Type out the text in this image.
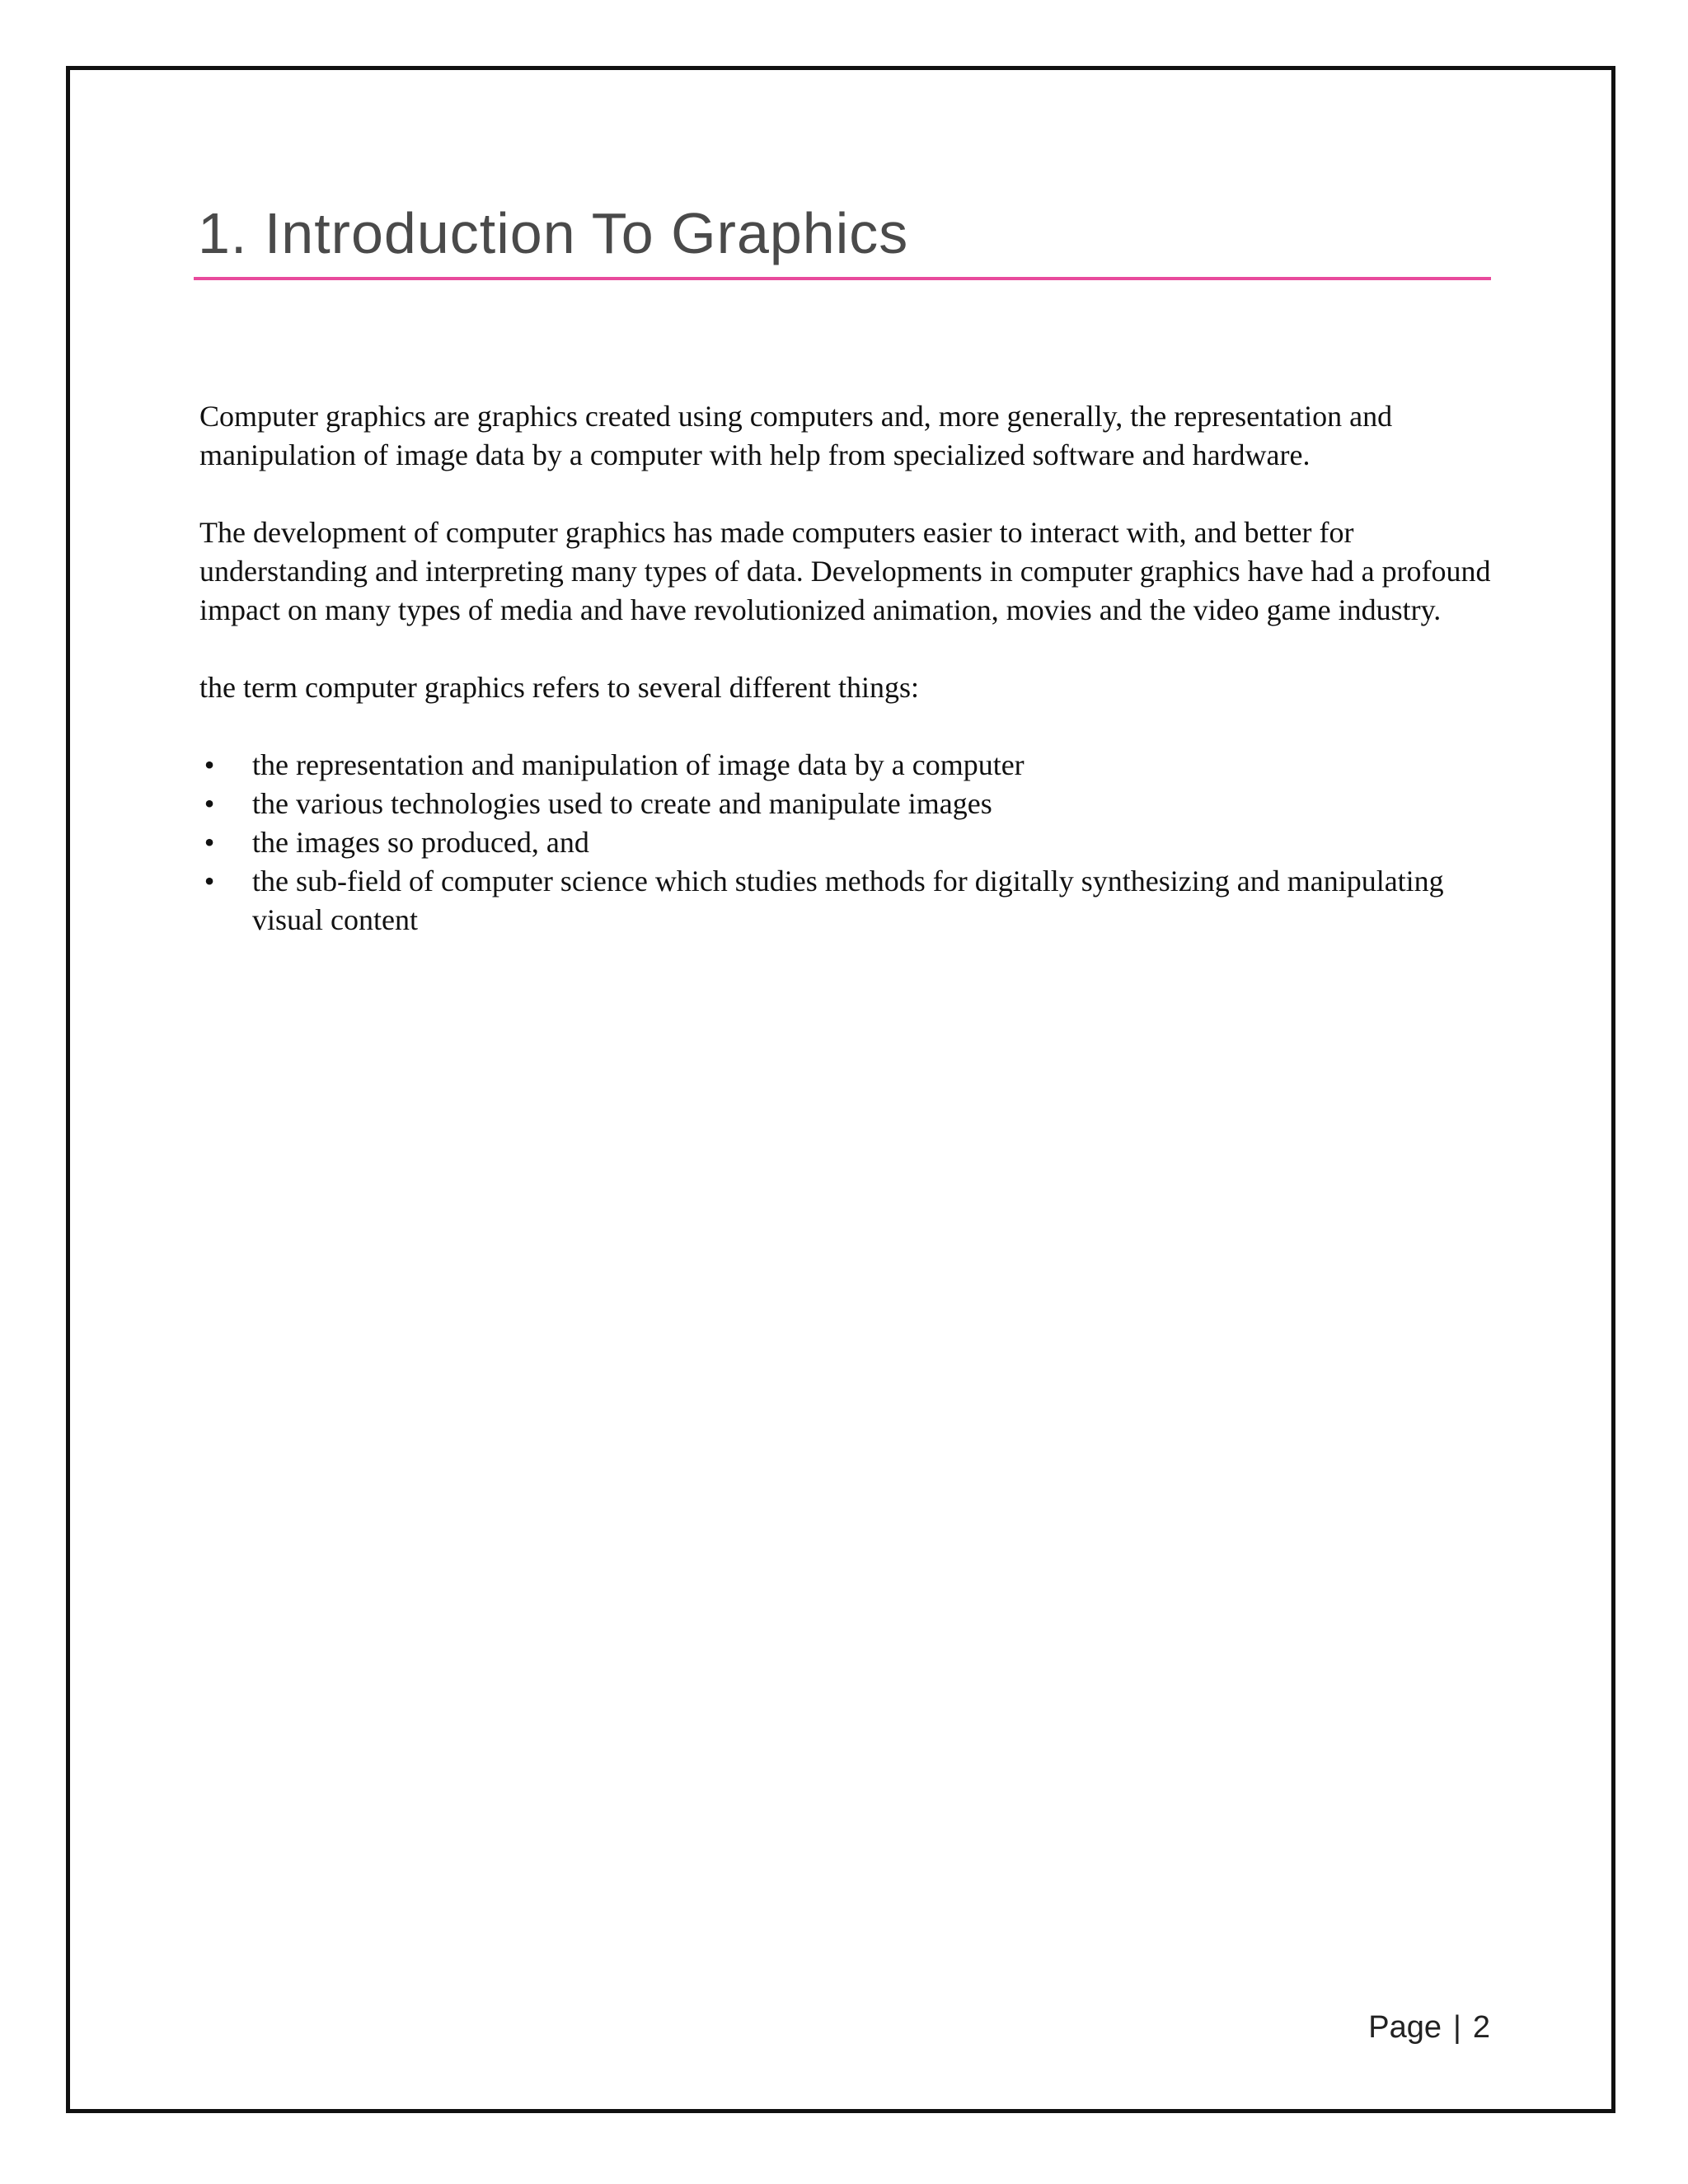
1. Introduction To Graphics

Computer graphics are graphics created using computers and, more generally, the representation and manipulation of image data by a computer with help from specialized software and hardware.

The development of computer graphics has made computers easier to interact with, and better for understanding and interpreting many types of data. Developments in computer graphics have had a profound impact on many types of media and have revolutionized animation, movies and the video game industry.

the term computer graphics refers to several different things:

• the representation and manipulation of image data by a computer
• the various technologies used to create and manipulate images
• the images so produced, and
• the sub-field of computer science which studies methods for digitally synthesizing and manipulating visual content
Page | 2
